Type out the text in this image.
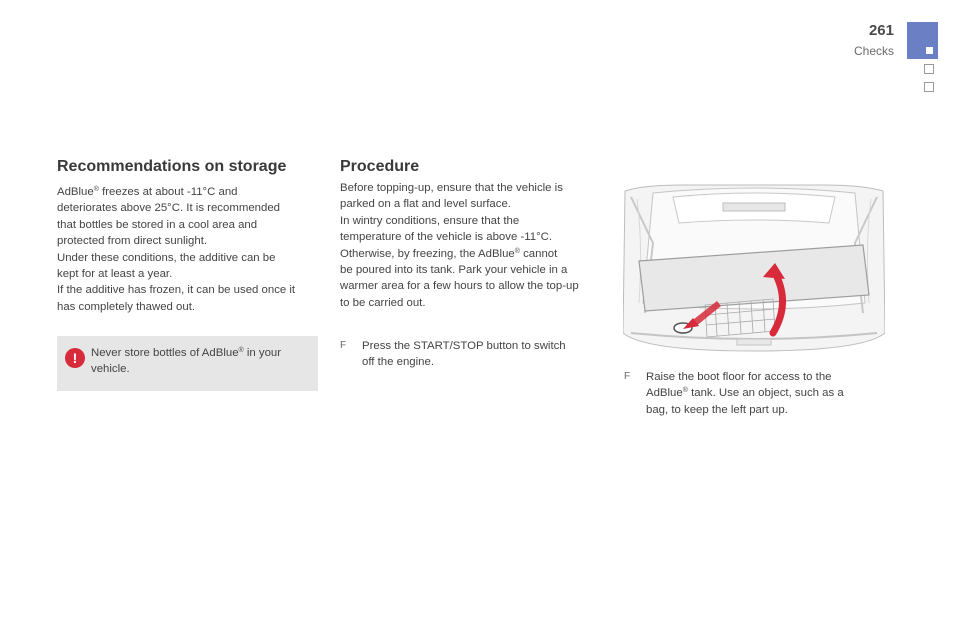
261
Checks
Recommendations on storage

AdBlue® freezes at about -11°C and

deteriorates above 25°C. It is recommended

that bottles be stored in a cool area and

protected from direct sunlight.

Under these conditions, the additive can be

kept for at least a year.

If the additive has frozen, it can be used once it

has completely thawed out.

!	Never store bottles of AdBlue® in your
vehicle.
Procedure

Before topping-up, ensure that the vehicle is

parked on a flat and level surface.

In wintry conditions, ensure that the

temperature of the vehicle is above -11°C.

Otherwise, by freezing, the AdBlue® cannot

be poured into its tank. Park your vehicle in a

warmer area for a few hours to allow the top-up

to be carried out.

F Press the START/STOP button to switch
off the engine.
F Raise the boot floor for access to the
AdBlue® tank. Use an object, such as a
bag, to keep the left part up.
